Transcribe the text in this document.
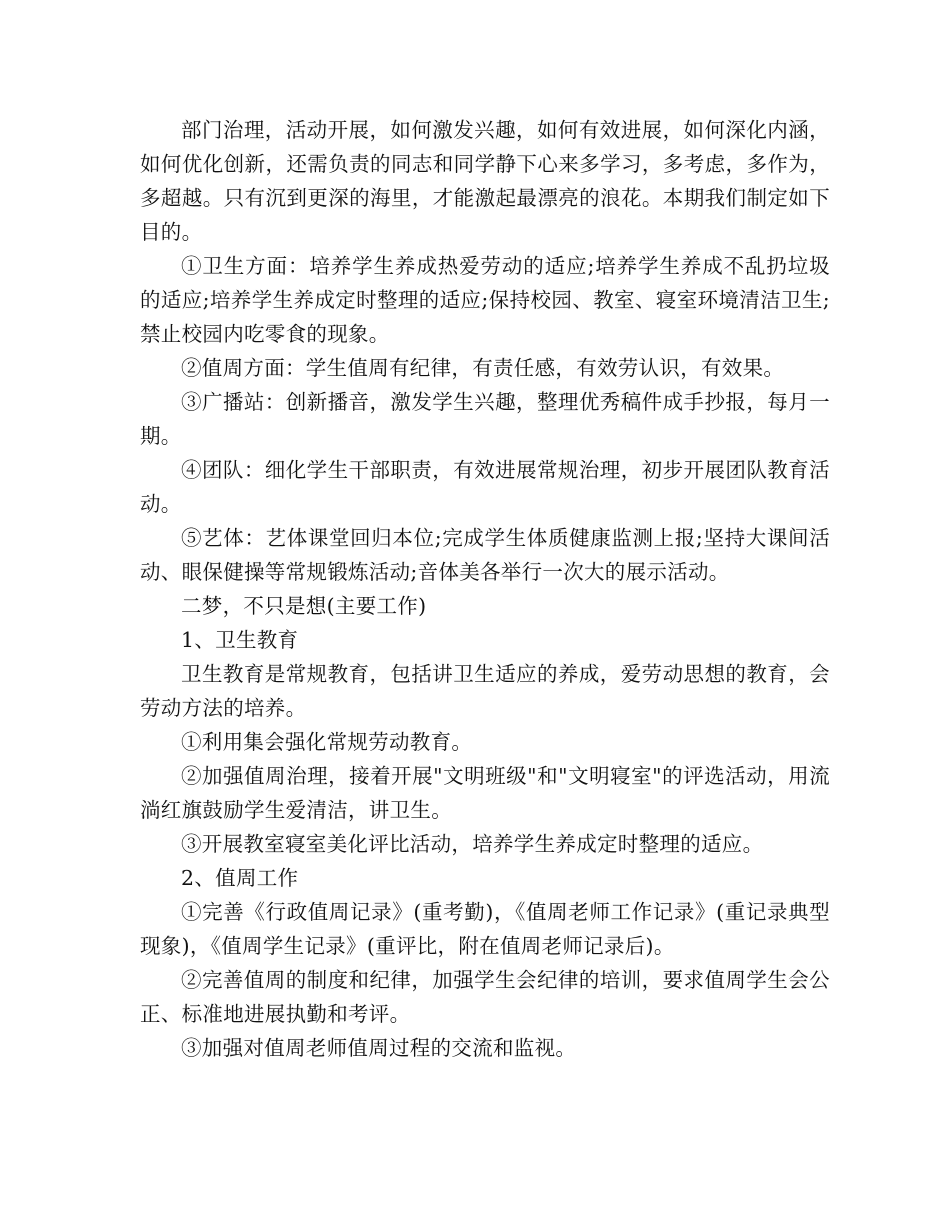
部门治理，活动开展，如何激发兴趣，如何有效进展，如何深化内涵，如何优化创新，还需负责的同志和同学静下心来多学习，多考虑，多作为，多超越。只有沉到更深的海里，才能激起最漂亮的浪花。本期我们制定如下目的。

①卫生方面：培养学生养成热爱劳动的适应;培养学生养成不乱扔垃圾的适应;培养学生养成定时整理的适应;保持校园、教室、寝室环境清洁卫生;禁止校园内吃零食的现象。

②值周方面：学生值周有纪律，有责任感，有效劳认识，有效果。

③广播站：创新播音，激发学生兴趣，整理优秀稿件成手抄报，每月一期。

④团队：细化学生干部职责，有效进展常规治理，初步开展团队教育活动。

⑤艺体：艺体课堂回归本位;完成学生体质健康监测上报;坚持大课间活动、眼保健操等常规锻炼活动;音体美各举行一次大的展示活动。

二梦，不只是想(主要工作)

1、卫生教育

卫生教育是常规教育，包括讲卫生适应的养成，爱劳动思想的教育，会劳动方法的培养。

①利用集会强化常规劳动教育。

②加强值周治理，接着开展"文明班级"和"文明寝室"的评选活动，用流淌红旗鼓励学生爱清洁，讲卫生。

③开展教室寝室美化评比活动，培养学生养成定时整理的适应。

2、值周工作

①完善《行政值周记录》(重考勤)，《值周老师工作记录》(重记录典型现象)，《值周学生记录》(重评比，附在值周老师记录后)。

②完善值周的制度和纪律，加强学生会纪律的培训，要求值周学生会公正、标准地进展执勤和考评。

③加强对值周老师值周过程的交流和监视。
